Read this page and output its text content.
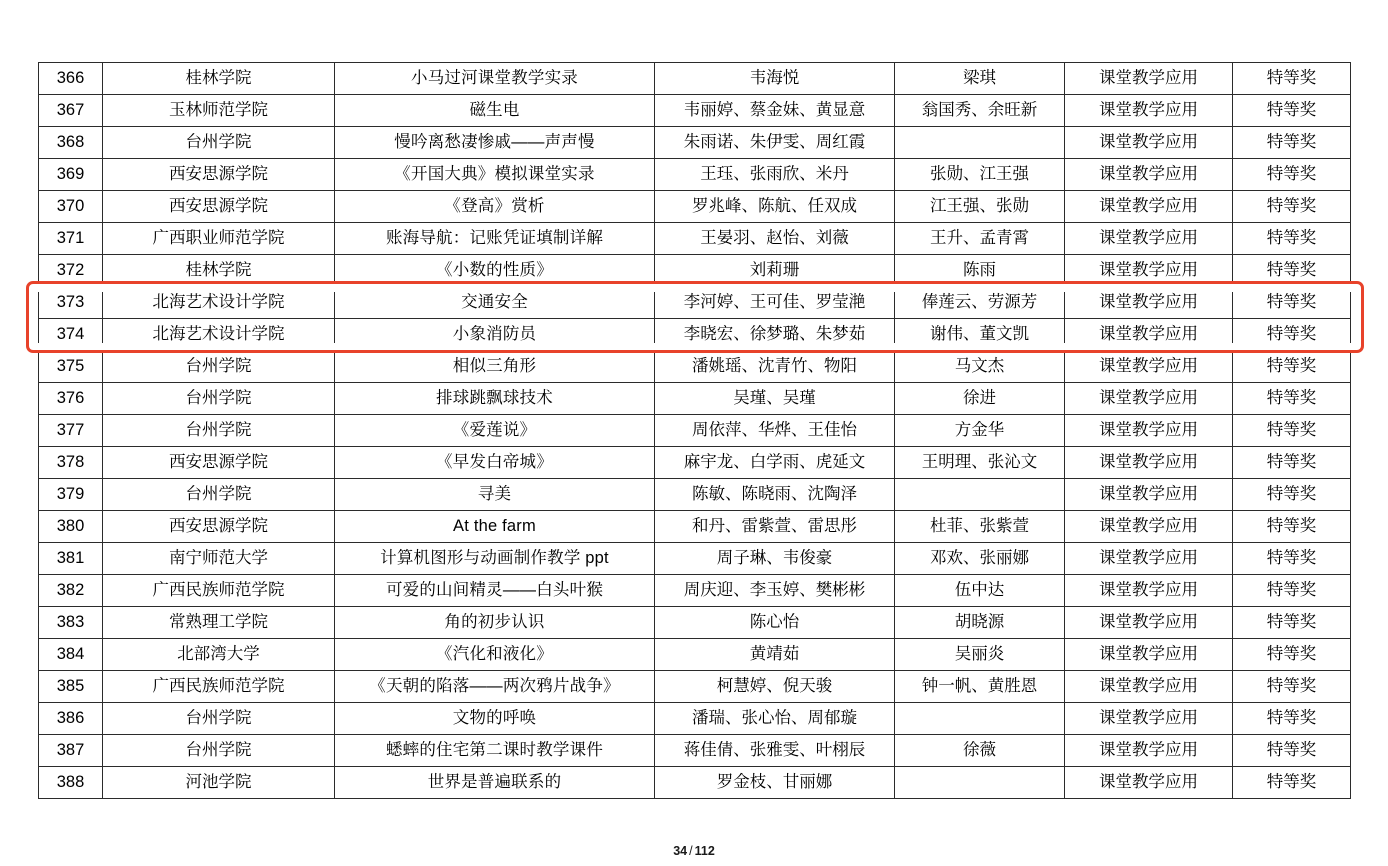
366	桂林学院	小马过河课堂教学实录	韦海悦	梁琪	课堂教学应用	特等奖
367	玉林师范学院	磁生电	韦丽婷、蔡金妹、黄显意	翁国秀、余旺新	课堂教学应用	特等奖
368	台州学院	慢吟离愁凄惨戚——声声慢	朱雨诺、朱伊雯、周红霞		课堂教学应用	特等奖
369	西安思源学院	《开国大典》模拟课堂实录	王珏、张雨欣、米丹	张勋、江王强	课堂教学应用	特等奖
370	西安思源学院	《登高》赏析	罗兆峰、陈航、任双成	江王强、张勋	课堂教学应用	特等奖
371	广西职业师范学院	账海导航：记账凭证填制详解	王晏羽、赵怡、刘薇	王升、孟青霄	课堂教学应用	特等奖
372	桂林学院	《小数的性质》	刘莉珊	陈雨	课堂教学应用	特等奖
373	北海艺术设计学院	交通安全	李河婷、王可佳、罗莹滟	俸莲云、劳源芳	课堂教学应用	特等奖
374	北海艺术设计学院	小象消防员	李晓宏、徐梦璐、朱梦茹	谢伟、董文凯	课堂教学应用	特等奖
375	台州学院	相似三角形	潘姚瑶、沈青竹、物阳	马文杰	课堂教学应用	特等奖
376	台州学院	排球跳飘球技术	吴瑾、吴瑾	徐进	课堂教学应用	特等奖
377	台州学院	《爱莲说》	周依萍、华烨、王佳怡	方金华	课堂教学应用	特等奖
378	西安思源学院	《早发白帝城》	麻宇龙、白学雨、虎延文	王明理、张沁文	课堂教学应用	特等奖
379	台州学院	寻美	陈敏、陈晓雨、沈陶泽		课堂教学应用	特等奖
380	西安思源学院	At the farm	和丹、雷紫萱、雷思彤	杜菲、张紫萱	课堂教学应用	特等奖
381	南宁师范大学	计算机图形与动画制作教学 ppt	周子琳、韦俊豪	邓欢、张丽娜	课堂教学应用	特等奖
382	广西民族师范学院	可爱的山间精灵——白头叶猴	周庆迎、李玉婷、樊彬彬	伍中达	课堂教学应用	特等奖
383	常熟理工学院	角的初步认识	陈心怡	胡晓源	课堂教学应用	特等奖
384	北部湾大学	《汽化和液化》	黄靖茹	吴丽炎	课堂教学应用	特等奖
385	广西民族师范学院	《天朝的陷落——两次鸦片战争》	柯慧婷、倪天骏	钟一帆、黄胜恩	课堂教学应用	特等奖
386	台州学院	文物的呼唤	潘瑞、张心怡、周郁璇		课堂教学应用	特等奖
387	台州学院	蟋蟀的住宅第二课时教学课件	蒋佳倩、张雅雯、叶栩辰	徐薇	课堂教学应用	特等奖
388	河池学院	世界是普遍联系的	罗金枝、甘丽娜		课堂教学应用	特等奖
34 / 112
